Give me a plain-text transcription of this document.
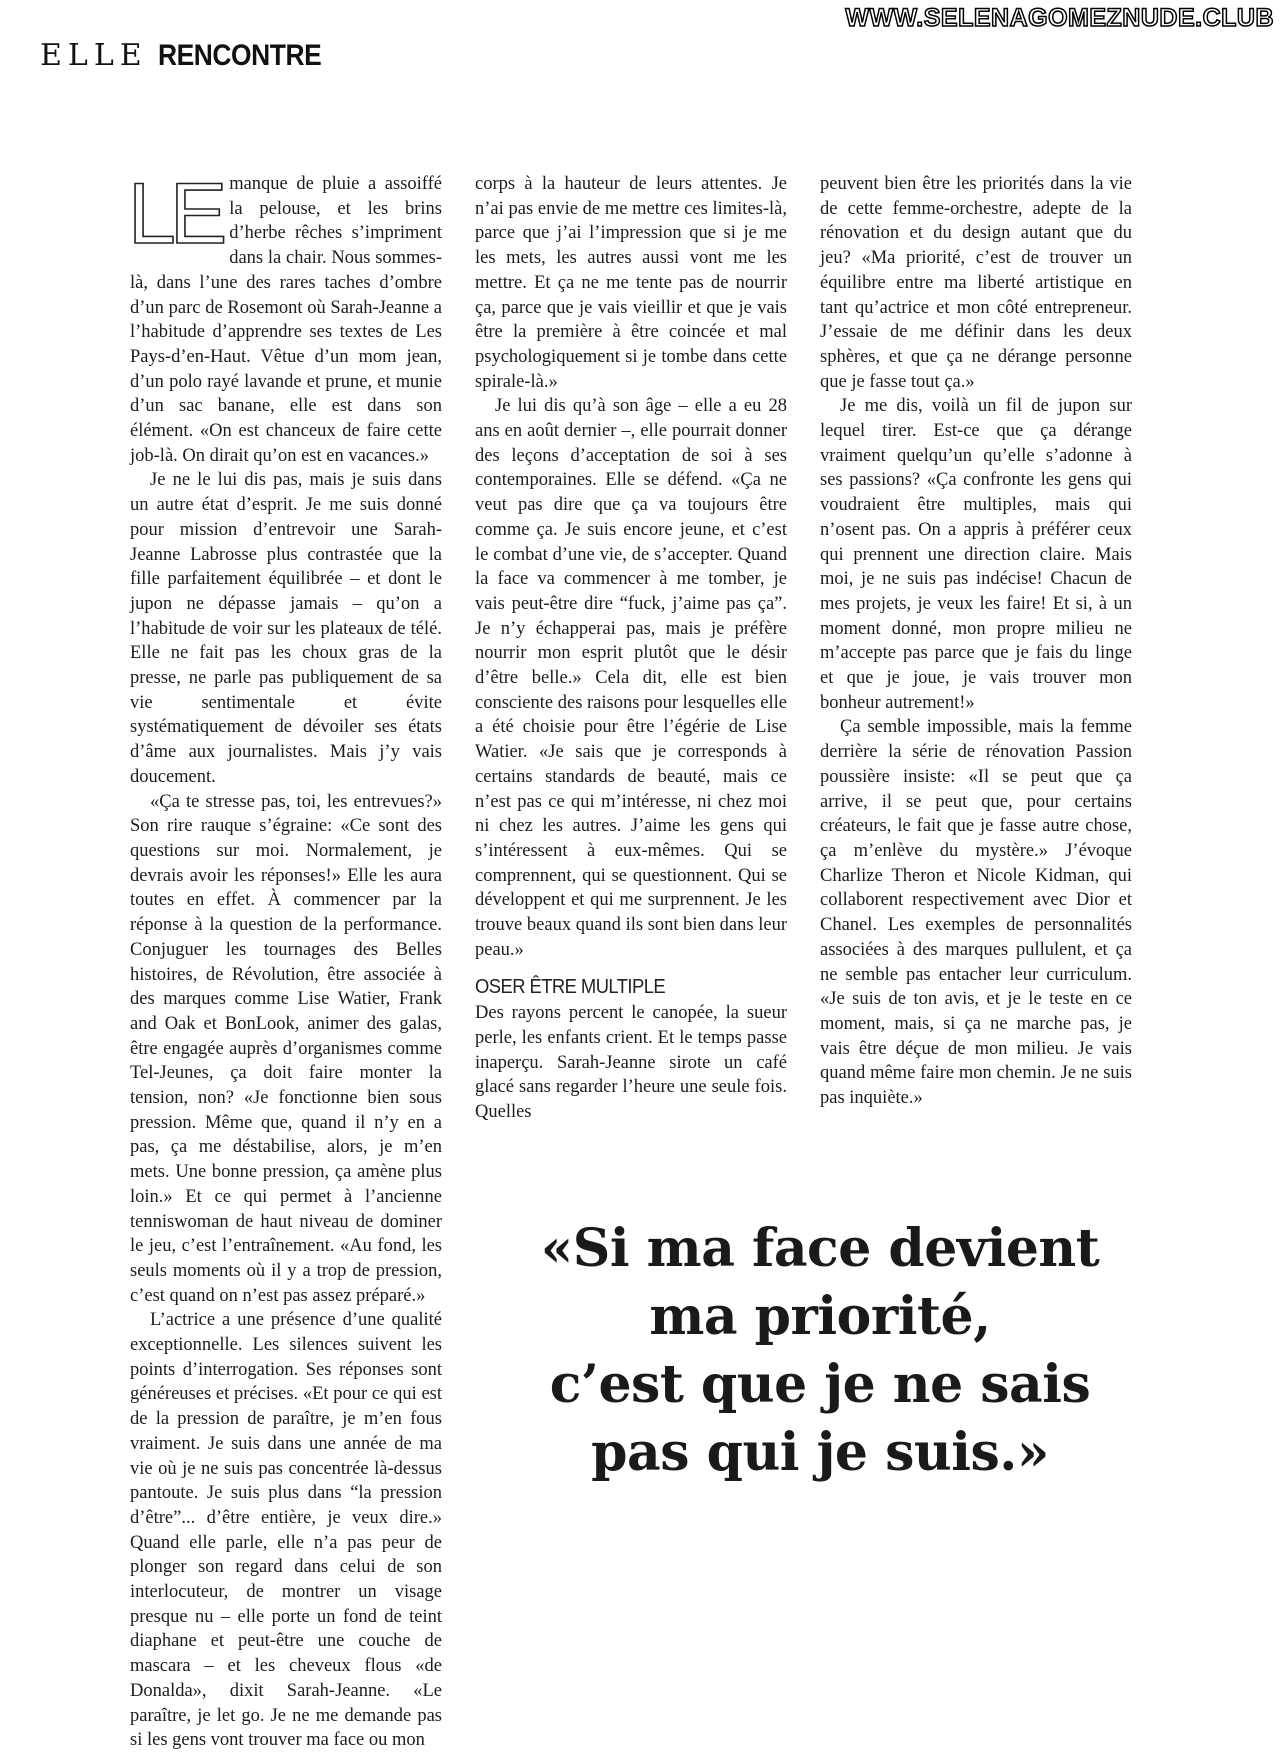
ELLE RENCONTRE
WWW.SELENAGOMEZNUDE.CLUB
LE manque de pluie a assoiffé la pelouse, et les brins d’herbe rêches s’impriment dans la chair. Nous sommes-là, dans l’une des rares taches d’ombre d’un parc de Rosemont où Sarah-Jeanne a l’habitude d’apprendre ses textes de Les Pays-d’en-Haut. Vêtue d’un mom jean, d’un polo rayé lavande et prune, et munie d’un sac banane, elle est dans son élément. «On est chanceux de faire cette job-là. On dirait qu’on est en vacances.»

Je ne le lui dis pas, mais je suis dans un autre état d’esprit. Je me suis donné pour mission d’entrevoir une Sarah-Jeanne Labrosse plus contrastée que la fille parfaitement équilibrée – et dont le jupon ne dépasse jamais – qu’on a l’habitude de voir sur les plateaux de télé. Elle ne fait pas les choux gras de la presse, ne parle pas publiquement de sa vie sentimentale et évite systématiquement de dévoiler ses états d’âme aux journalistes. Mais j’y vais doucement.

«Ça te stresse pas, toi, les entrevues?» Son rire rauque s’égraine: «Ce sont des questions sur moi. Normalement, je devrais avoir les réponses!» Elle les aura toutes en effet. À commencer par la réponse à la question de la performance. Conjuguer les tournages des Belles histoires, de Révolution, être associée à des marques comme Lise Watier, Frank and Oak et BonLook, animer des galas, être engagée auprès d’organismes comme Tel-Jeunes, ça doit faire monter la tension, non? «Je fonctionne bien sous pression. Même que, quand il n’y en a pas, ça me déstabilise, alors, je m’en mets. Une bonne pression, ça amène plus loin.» Et ce qui permet à l’ancienne tenniswoman de haut niveau de dominer le jeu, c’est l’entraînement. «Au fond, les seuls moments où il y a trop de pression, c’est quand on n’est pas assez préparé.»

L’actrice a une présence d’une qualité exceptionnelle. Les silences suivent les points d’interrogation. Ses réponses sont généreuses et précises. «Et pour ce qui est de la pression de paraître, je m’en fous vraiment. Je suis dans une année de ma vie où je ne suis pas concentrée là-dessus pantoute. Je suis plus dans “la pression d’être”... d’être entière, je veux dire.» Quand elle parle, elle n’a pas peur de plonger son regard dans celui de son interlocuteur, de montrer un visage presque nu – elle porte un fond de teint diaphane et peut-être une couche de mascara – et les cheveux flous «de Donalda», dixit Sarah-Jeanne. «Le paraître, je let go. Je ne me demande pas si les gens vont trouver ma face ou mon

corps à la hauteur de leurs attentes. Je n’ai pas envie de me mettre ces limites-là, parce que j’ai l’impression que si je me les mets, les autres aussi vont me les mettre. Et ça ne me tente pas de nourrir ça, parce que je vais vieillir et que je vais être la première à être coincée et mal psychologiquement si je tombe dans cette spirale-là.»

Je lui dis qu’à son âge – elle a eu 28 ans en août dernier –, elle pourrait donner des leçons d’acceptation de soi à ses contemporaines. Elle se défend. «Ça ne veut pas dire que ça va toujours être comme ça. Je suis encore jeune, et c’est le combat d’une vie, de s’accepter. Quand la face va commencer à me tomber, je vais peut-être dire “fuck, j’aime pas ça”. Je n’y échapperai pas, mais je préfère nourrir mon esprit plutôt que le désir d’être belle.» Cela dit, elle est bien consciente des raisons pour lesquelles elle a été choisie pour être l’égérie de Lise Watier. «Je sais que je corresponds à certains standards de beauté, mais ce n’est pas ce qui m’intéresse, ni chez moi ni chez les autres. J’aime les gens qui s’intéressent à eux-mêmes. Qui se comprennent, qui se questionnent. Qui se développent et qui me surprennent. Je les trouve beaux quand ils sont bien dans leur peau.»

OSER ÊTRE MULTIPLE

Des rayons percent le canopée, la sueur perle, les enfants crient. Et le temps passe inaperçu. Sarah-Jeanne sirote un café glacé sans regarder l’heure une seule fois. Quelles

peuvent bien être les priorités dans la vie de cette femme-orchestre, adepte de la rénovation et du design autant que du jeu? «Ma priorité, c’est de trouver un équilibre entre ma liberté artistique en tant qu’actrice et mon côté entrepreneur. J’essaie de me définir dans les deux sphères, et que ça ne dérange personne que je fasse tout ça.»

Je me dis, voilà un fil de jupon sur lequel tirer. Est-ce que ça dérange vraiment quelqu’un qu’elle s’adonne à ses passions? «Ça confronte les gens qui voudraient être multiples, mais qui n’osent pas. On a appris à préférer ceux qui prennent une direction claire. Mais moi, je ne suis pas indécise! Chacun de mes projets, je veux les faire! Et si, à un moment donné, mon propre milieu ne m’accepte pas parce que je fais du linge et que je joue, je vais trouver mon bonheur autrement!»

Ça semble impossible, mais la femme derrière la série de rénovation Passion poussière insiste: «Il se peut que ça arrive, il se peut que, pour certains créateurs, le fait que je fasse autre chose, ça m’enlève du mystère.» J’évoque Charlize Theron et Nicole Kidman, qui collaborent respectivement avec Dior et Chanel. Les exemples de personnalités associées à des marques pullulent, et ça ne semble pas entacher leur curriculum. «Je suis de ton avis, et je le teste en ce moment, mais, si ça ne marche pas, je vais être déçue de mon milieu. Je vais quand même faire mon chemin. Je ne suis pas inquiète.»

«Si ma face devient
ma priorité,
c’est que je ne sais
pas qui je suis.»
